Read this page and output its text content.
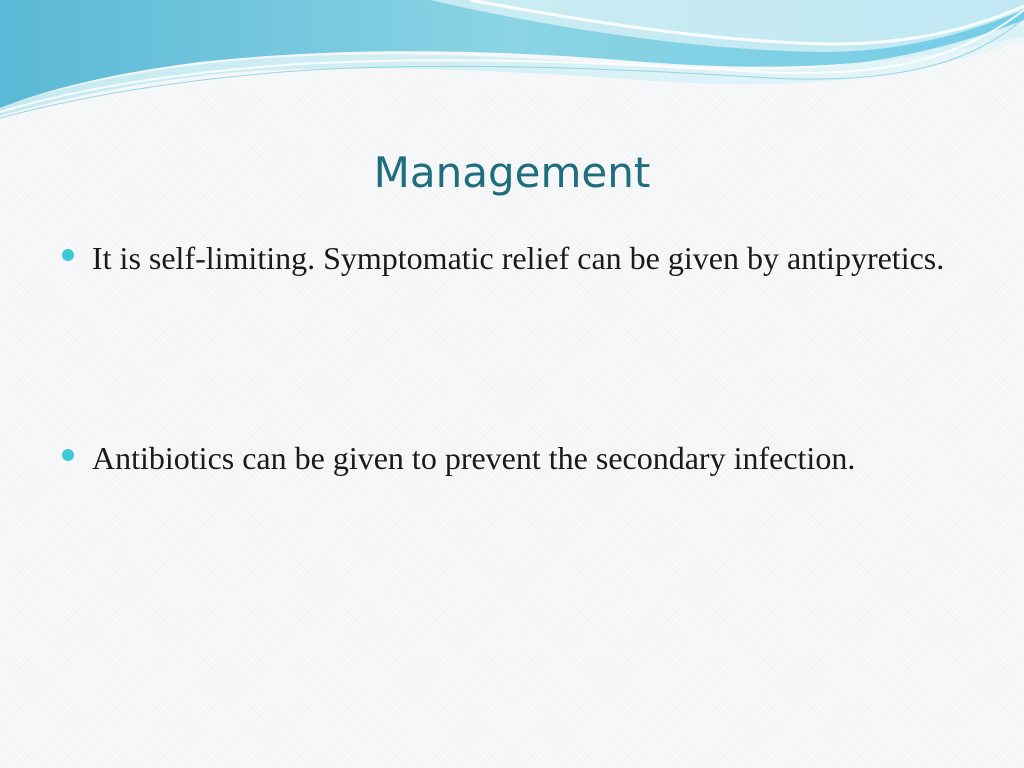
Management
It is self-limiting. Symptomatic relief can be given by antipyretics.
Antibiotics can be given to prevent the secondary infection.
